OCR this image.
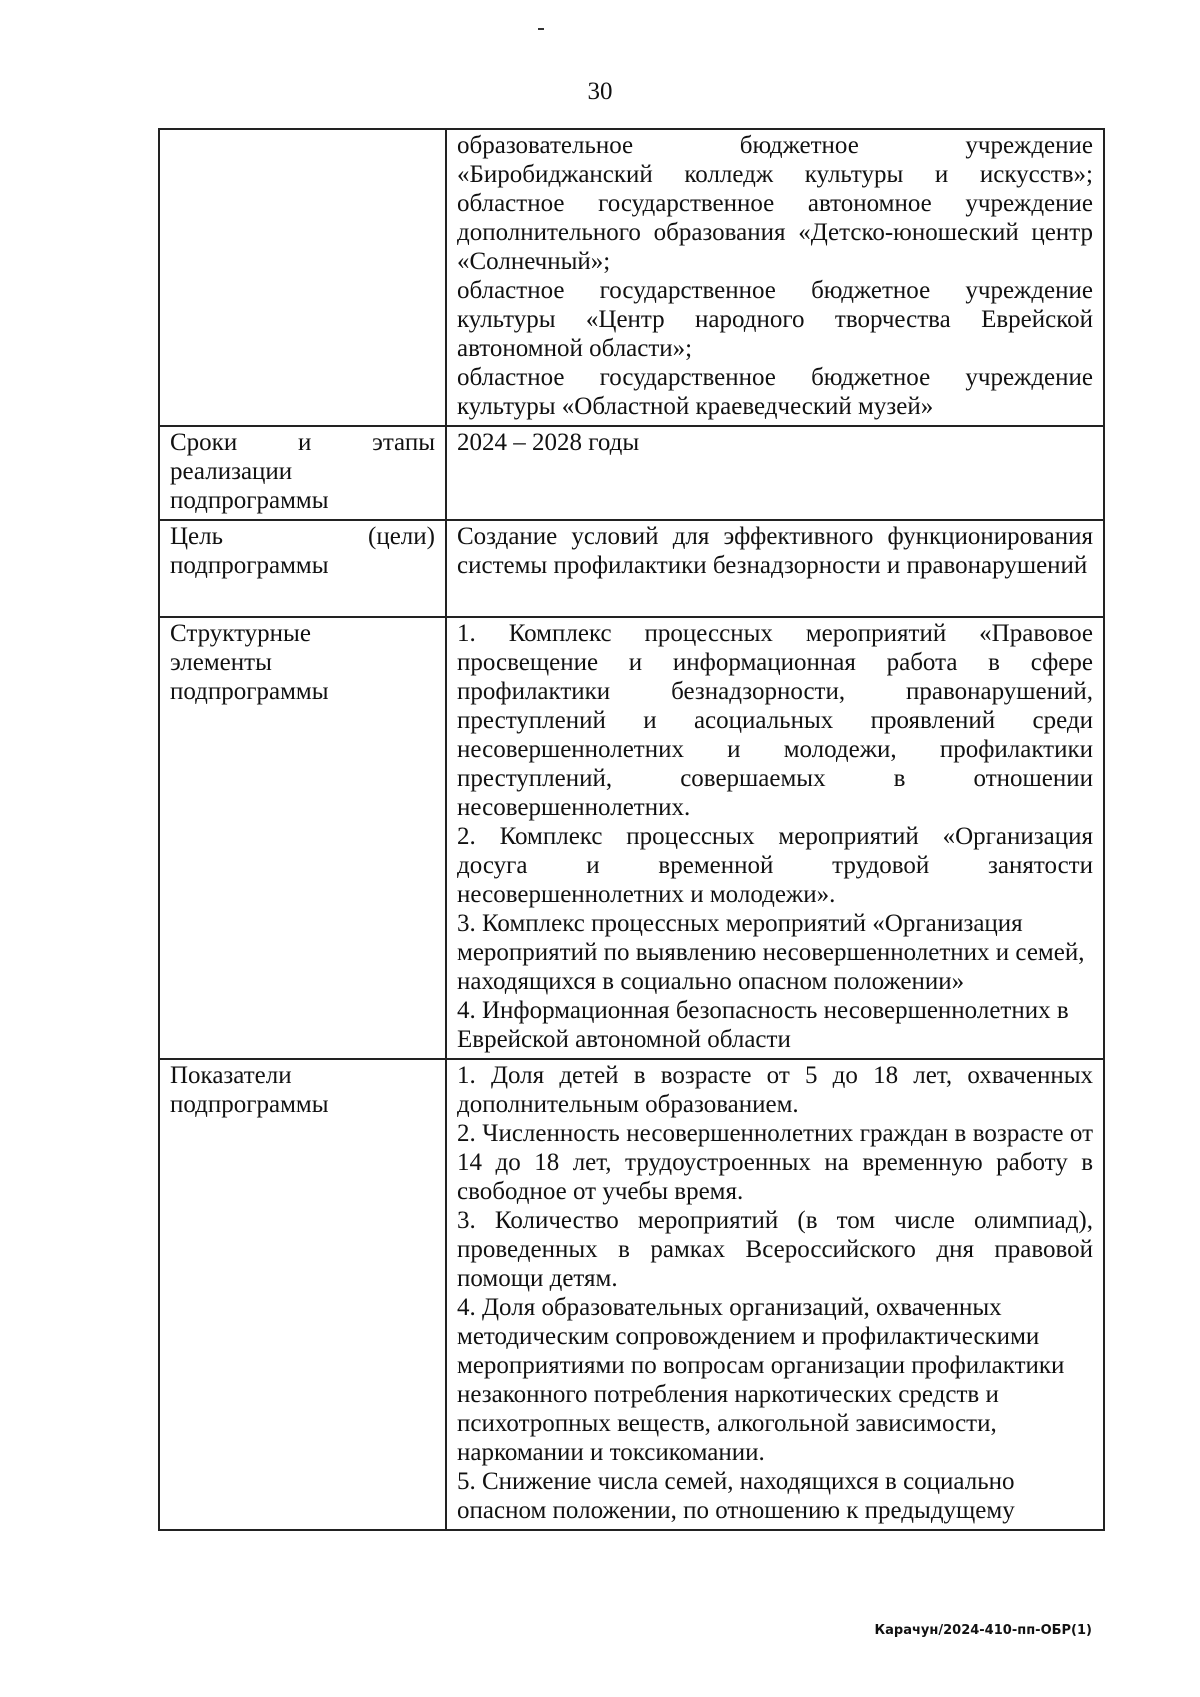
30

	образовательное бюджетное учреждение «Биробиджанский колледж культуры и искусств»;

областное государственное автономное учреждение дополнительного образования «Детско-юношеский центр «Солнечный»;

областное государственное бюджетное учреждение культуры «Центр народного творчества Еврейской автономной области»;

областное государственное бюджетное учреждение культуры «Областной краеведческий музей»

Сроки и этапы реализации подпрограммы	2024 – 2028 годы

Цель (цели) подпрограммы	Создание условий для эффективного функционирования системы профилактики безнадзорности и правонарушений

Структурные элементы подпрограммы	1. Комплекс процессных мероприятий «Правовое просвещение и информационная работа в сфере профилактики безнадзорности, правонарушений, преступлений и асоциальных проявлений среди несовершеннолетних и молодежи, профилактики преступлений, совершаемых в отношении несовершеннолетних.

2. Комплекс процессных мероприятий «Организация досуга и временной трудовой занятости несовершеннолетних и молодежи».

3. Комплекс процессных мероприятий «Организация мероприятий по выявлению несовершеннолетних и семей, находящихся в социально опасном положении»

4. Информационная безопасность несовершеннолетних в Еврейской автономной области

Показатели подпрограммы	1. Доля детей в возрасте от 5 до 18 лет, охваченных дополнительным образованием.

2. Численность несовершеннолетних граждан в возрасте от 14 до 18 лет, трудоустроенных на временную работу в свободное от учебы время.

3. Количество мероприятий (в том числе олимпиад), проведенных в рамках Всероссийского дня правовой помощи детям.

4. Доля образовательных организаций, охваченных методическим сопровождением и профилактическими мероприятиями по вопросам организации профилактики незаконного потребления наркотических средств и психотропных веществ, алкогольной зависимости, наркомании и токсикомании.

5. Снижение числа семей, находящихся в социально опасном положении, по отношению к предыдущему

Карачун/2024-410-пп-ОБР(1)
